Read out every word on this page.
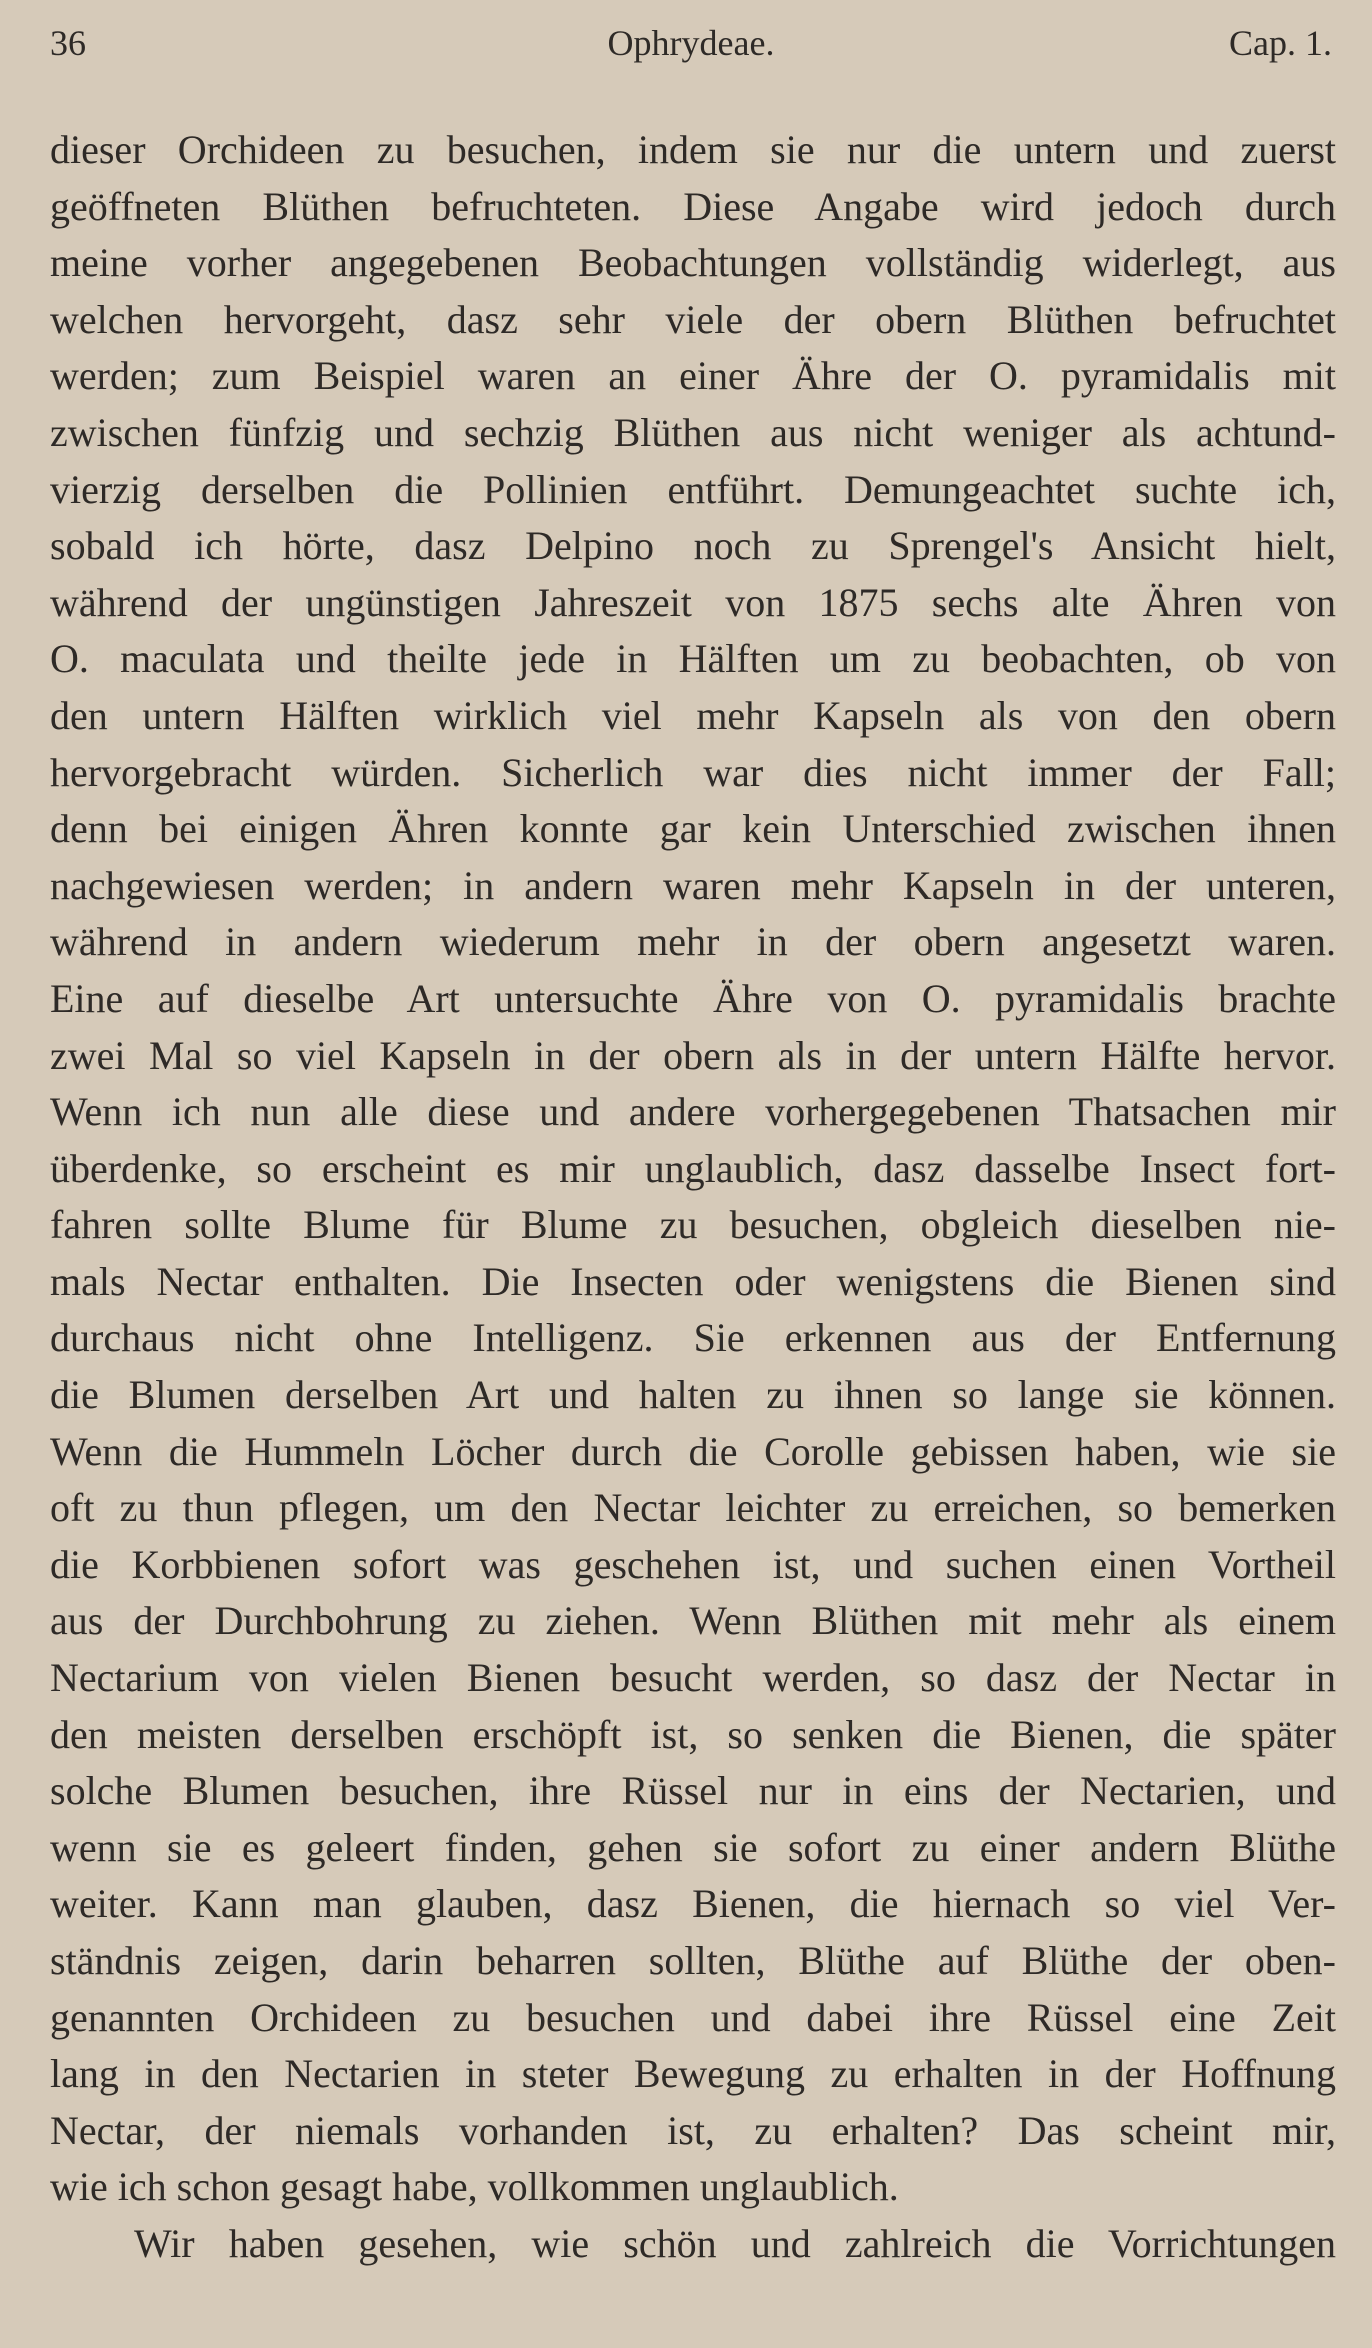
36	Ophrydeae.	Cap. 1.
dieser Orchideen zu besuchen, indem sie nur die untern und zuerst
geöffneten Blüthen befruchteten. Diese Angabe wird jedoch durch
meine vorher angegebenen Beobachtungen vollständig widerlegt, aus
welchen hervorgeht, dasz sehr viele der obern Blüthen befruchtet
werden; zum Beispiel waren an einer Ähre der O. pyramidalis mit
zwischen fünfzig und sechzig Blüthen aus nicht weniger als achtund-
vierzig derselben die Pollinien entführt. Demungeachtet suchte ich,
sobald ich hörte, dasz Delpino noch zu Sprengel's Ansicht hielt,
während der ungünstigen Jahreszeit von 1875 sechs alte Ähren von
O. maculata und theilte jede in Hälften um zu beobachten, ob von
den untern Hälften wirklich viel mehr Kapseln als von den obern
hervorgebracht würden. Sicherlich war dies nicht immer der Fall;
denn bei einigen Ähren konnte gar kein Unterschied zwischen ihnen
nachgewiesen werden; in andern waren mehr Kapseln in der unteren,
während in andern wiederum mehr in der obern angesetzt waren.
Eine auf dieselbe Art untersuchte Ähre von O. pyramidalis brachte
zwei Mal so viel Kapseln in der obern als in der untern Hälfte hervor.
Wenn ich nun alle diese und andere vorhergegebenen Thatsachen mir
überdenke, so erscheint es mir unglaublich, dasz dasselbe Insect fort-
fahren sollte Blume für Blume zu besuchen, obgleich dieselben nie-
mals Nectar enthalten. Die Insecten oder wenigstens die Bienen sind
durchaus nicht ohne Intelligenz. Sie erkennen aus der Entfernung
die Blumen derselben Art und halten zu ihnen so lange sie können.
Wenn die Hummeln Löcher durch die Corolle gebissen haben, wie sie
oft zu thun pflegen, um den Nectar leichter zu erreichen, so bemerken
die Korbbienen sofort was geschehen ist, und suchen einen Vortheil
aus der Durchbohrung zu ziehen. Wenn Blüthen mit mehr als einem
Nectarium von vielen Bienen besucht werden, so dasz der Nectar in
den meisten derselben erschöpft ist, so senken die Bienen, die später
solche Blumen besuchen, ihre Rüssel nur in eins der Nectarien, und
wenn sie es geleert finden, gehen sie sofort zu einer andern Blüthe
weiter. Kann man glauben, dasz Bienen, die hiernach so viel Ver-
ständnis zeigen, darin beharren sollten, Blüthe auf Blüthe der oben-
genannten Orchideen zu besuchen und dabei ihre Rüssel eine Zeit
lang in den Nectarien in steter Bewegung zu erhalten in der Hoffnung
Nectar, der niemals vorhanden ist, zu erhalten? Das scheint mir,
wie ich schon gesagt habe, vollkommen unglaublich.
Wir haben gesehen, wie schön und zahlreich die Vorrichtungen
